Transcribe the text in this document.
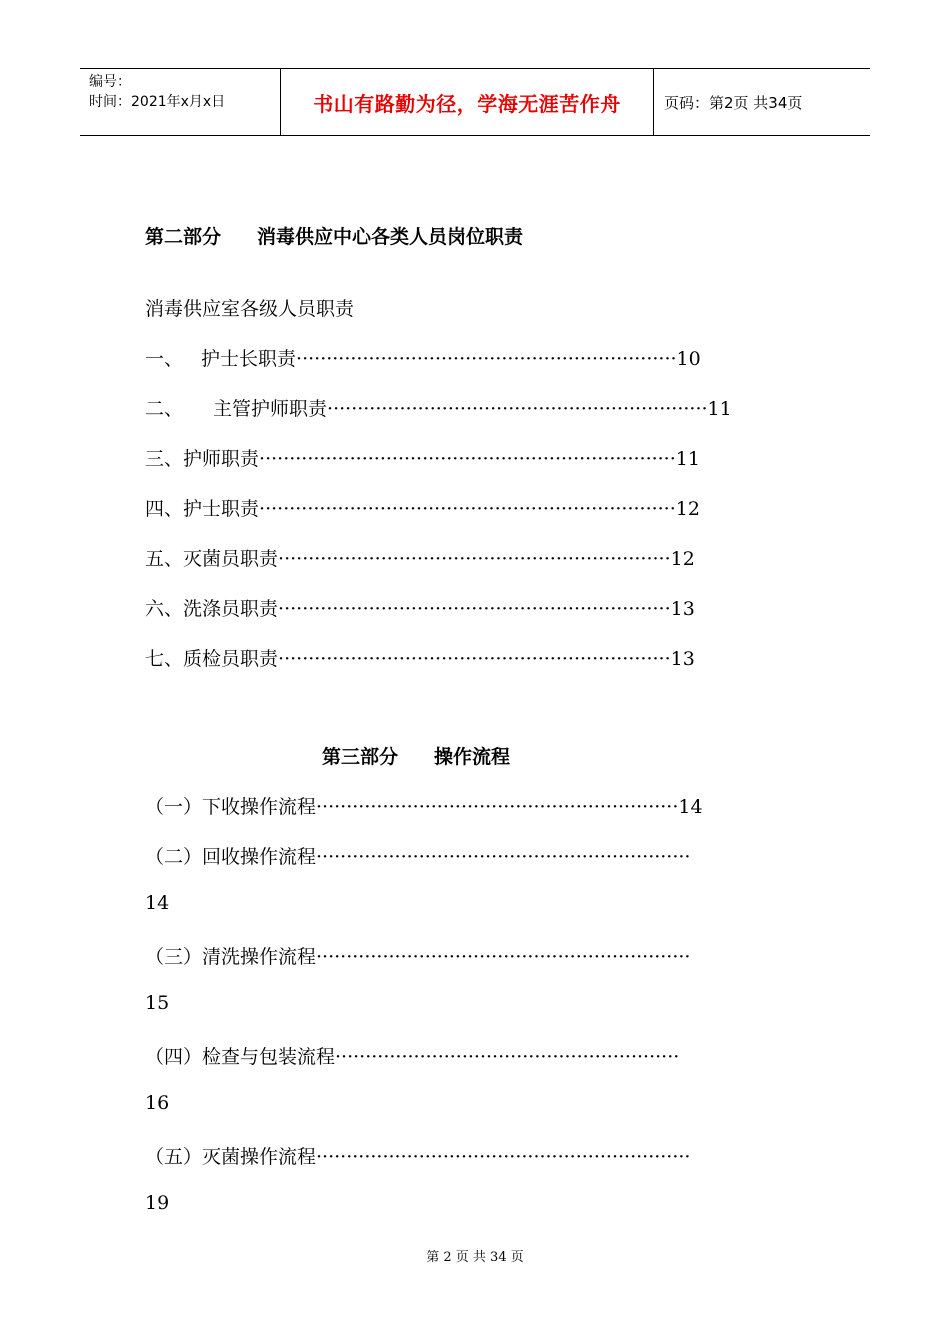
编号：
时间：2021年x月x日	书山有路勤为径，学海无涯苦作舟	页码：第2页 共34页
第二部分 消毒供应中心各类人员岗位职责
消毒供应室各级人员职责
一、 护士长职责·······························································10
二、 主管护师职责·······························································11
三、护师职责·····································································11
四、护士职责·····································································12
五、灭菌员职责·································································12
六、洗涤员职责·································································13
七、质检员职责·································································13
第三部分 操作流程
（一）下收操作流程····························································14
（二）回收操作流程······························································
14
（三）清洗操作流程······························································
15
（四）检查与包装流程·························································
16
（五）灭菌操作流程······························································
19
第 2 页 共 34 页
